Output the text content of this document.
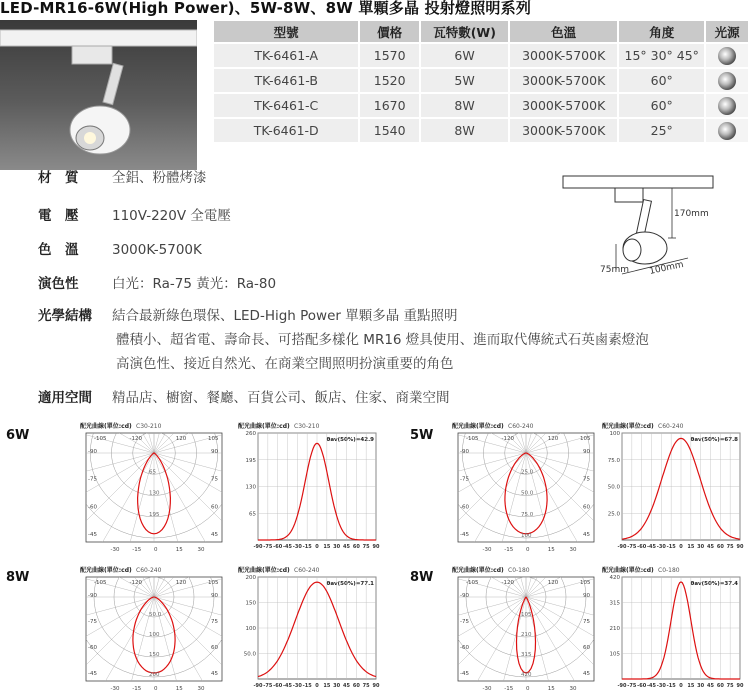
LED-MR16-6W(High Power)、5W-8W、8W 單顆多晶 投射燈照明系列
型號	價格	瓦特數(W)	色溫	角度	光源
TK-6461-A	1570	6W	3000K-5700K	15° 30° 45°	
TK-6461-B	1520	5W	3000K-5700K	60°	
TK-6461-C	1670	8W	3000K-5700K	60°	
TK-6461-D	1540	8W	3000K-5700K	25°	
材　質 全鋁、粉體烤漆
電　壓 110V-220V 全電壓
色　溫 3000K-5700K
演色性 白光：Ra-75 黃光：Ra-80
光學結構 結合最新綠色環保、LED-High Power 單顆多晶 重點照明
體積小、超省電、壽命長、可搭配多樣化 MR16 燈具使用、進而取代傳統式石英鹵素燈泡
高演色性、接近自然光、在商業空間照明扮演重要的角色
適用空間 精品店、櫥窗、餐廳、百貨公司、飯店、住家、商業空間
170mm
100mm
75mm
6W	5W
8W	8W
配光曲線(單位:cd) C30-210
65
130
195
-105	-120	120	105
-90
-75
-60
-45
90
75
60
45
-30 -15 0	15	30
配光曲線(單位:cd) C30-210
θav(50%)=42.9
260
195
130
65
-90 -75 -60 -45 -30 -15 0 15 30 45 60 75 90
配光曲線(單位:cd) C60-240
25.0
50.0
75.0
100
-105	-120	120	105
-90
-75
-60
-45
90
75
60
45
-30 -15 0	15	30
配光曲線(單位:cd) C60-240
θav(50%)=67.8
100
75.0
50.0
25.0
-90 -75 -60 -45 -30 -15 0 15 30 45 60 75 90
配光曲線(單位:cd) C60-240
50.0
100
150
200
-105	-120	120	105
-90
-75
-60
-45
90
75
60
45
-30 -15 0	15	30
配光曲線(單位:cd) C60-240
θav(50%)=77.1
200
150
100
50.0
-90 -75 -60 -45 -30 -15 0 15 30 45 60 75 90
配光曲線(單位:cd) C0-180
105
210
315
420
-105	-120	120	105
-90
-75
-60
-45
90
75
60
45
-30 -15 0	15	30
配光曲線(單位:cd) C0-180
θav(50%)=37.4
420
315
210
105
-90 -75 -60 -45 -30 -15 0 15 30 45 60 75 90
